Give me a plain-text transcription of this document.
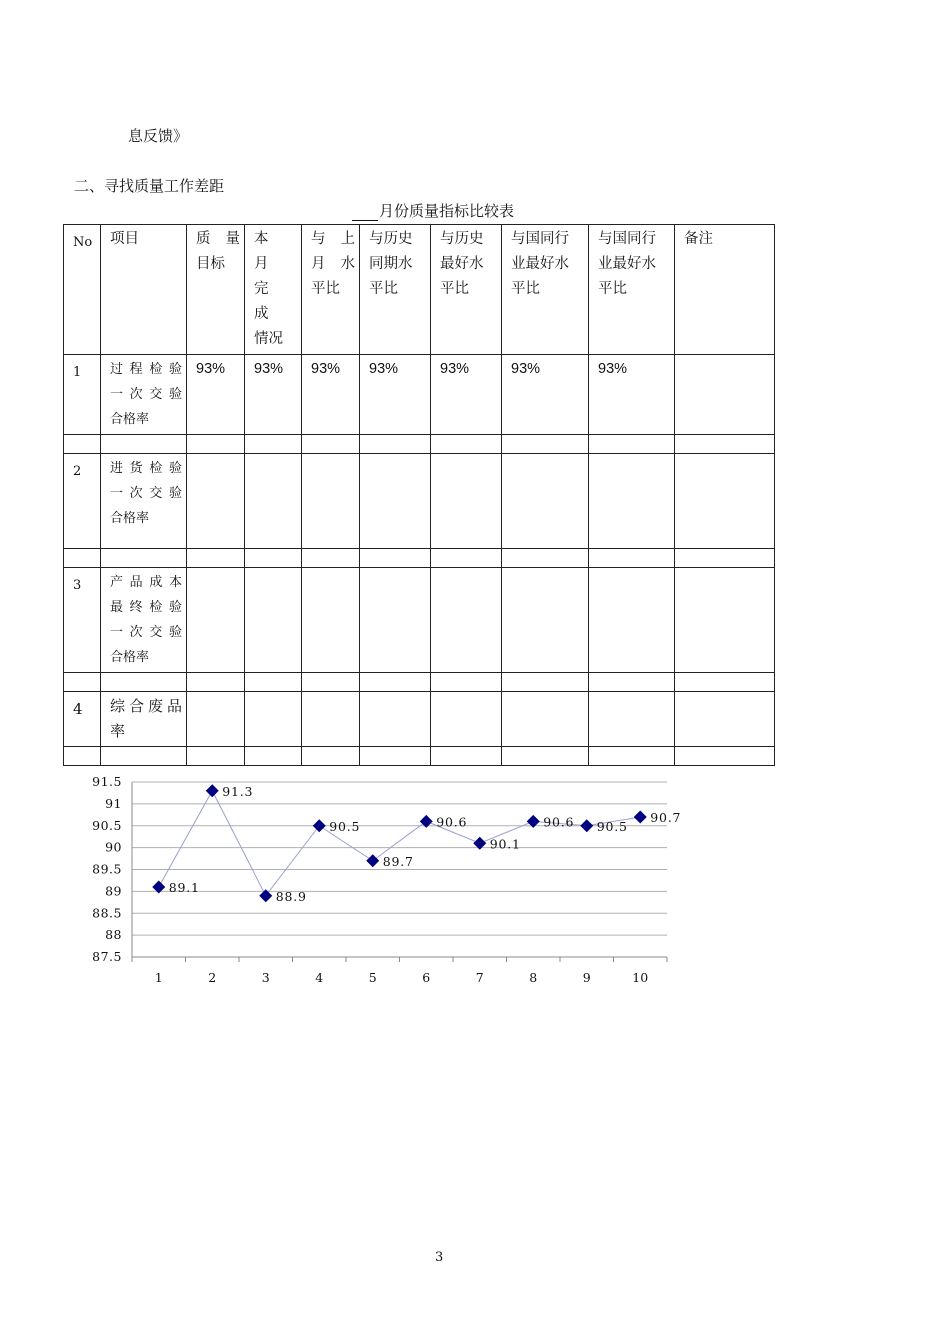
息反馈》
二、寻找质量工作差距
月份质量指标比较表
No	项目	质　量
目标	本　月
完　成
情况	与　上
月　水
平比	与历史
同期水
平比	与历史
最好水
平比	与国同行
业最好水
平比	与国同行
业最好水
平比	备注

1	过程检验
一次交验
合格率	93%	93%	93%	93%	93%	93%	93%	

2	进货检验
一次交验
合格率								

3	产品成本
最终检验
一次交验
合格率								

4	综合废品
率								

87.5
88
88.5
89
89.5
90
90.5
91
91.5
1	2	3	4	5	6	7	8	9	10
89.1
91.3
88.9
90.5
89.7
90.6
90.1
90.6 90.5
90.7
3
